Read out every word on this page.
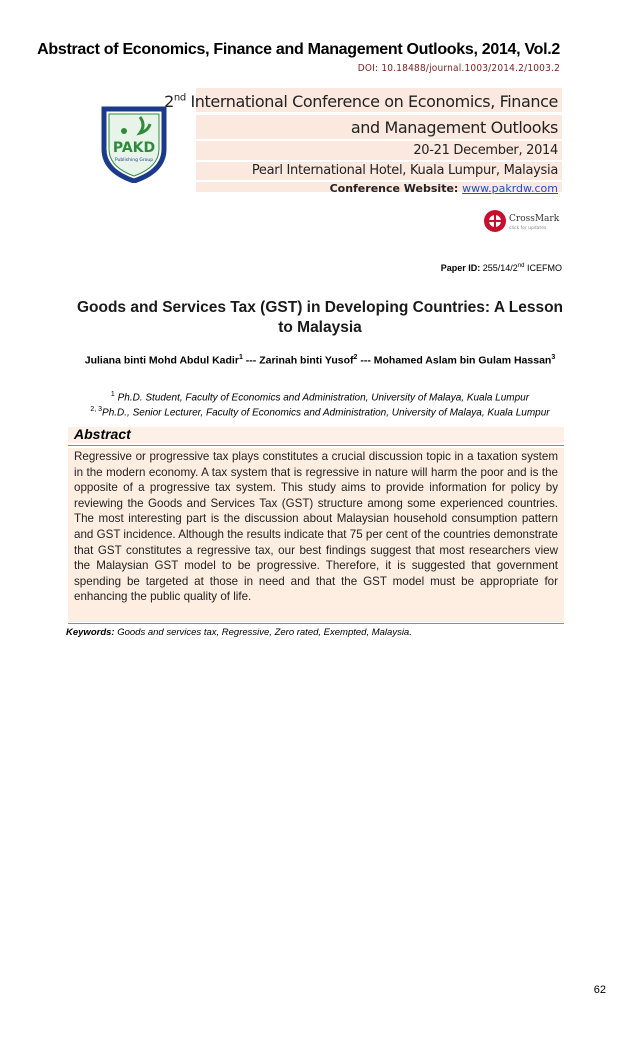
Abstract of Economics, Finance and Management Outlooks, 2014, Vol.2
DOI: 10.18488/journal.1003/2014.2/1003.2
PAKD
Publishing Group
2nd International Conference on Economics, Finance
and Management Outlooks
20-21 December, 2014
Pearl International Hotel, Kuala Lumpur, Malaysia
Conference Website: www.pakrdw.com
CrossMark
click for updates
Paper ID: 255/14/2nd ICEFMO
Goods and Services Tax (GST) in Developing Countries: A Lesson to Malaysia
Juliana binti Mohd Abdul Kadir$^1$ --- Zarinah binti Yusof$^2$ --- Mohamed Aslam bin Gulam Hassan$^3$
$^1$ Ph.D. Student, Faculty of Economics and Administration, University of Malaya, Kuala Lumpur
$^{2, 3}$Ph.D., Senior Lecturer, Faculty of Economics and Administration, University of Malaya, Kuala Lumpur
Abstract
Regressive or progressive tax plays constitutes a crucial discussion topic in a taxation system in the modern economy. A tax system that is regressive in nature will harm the poor and is the opposite of a progressive tax system. This study aims to provide information for policy by reviewing the Goods and Services Tax (GST) structure among some experienced countries. The most interesting part is the discussion about Malaysian household consumption pattern and GST incidence. Although the results indicate that 75 per cent of the countries demonstrate that GST constitutes a regressive tax, our best findings suggest that most researchers view the Malaysian GST model to be progressive. Therefore, it is suggested that government spending be targeted at those in need and that the GST model must be appropriate for enhancing the public quality of life.
Keywords: Goods and services tax, Regressive, Zero rated, Exempted, Malaysia.
62
